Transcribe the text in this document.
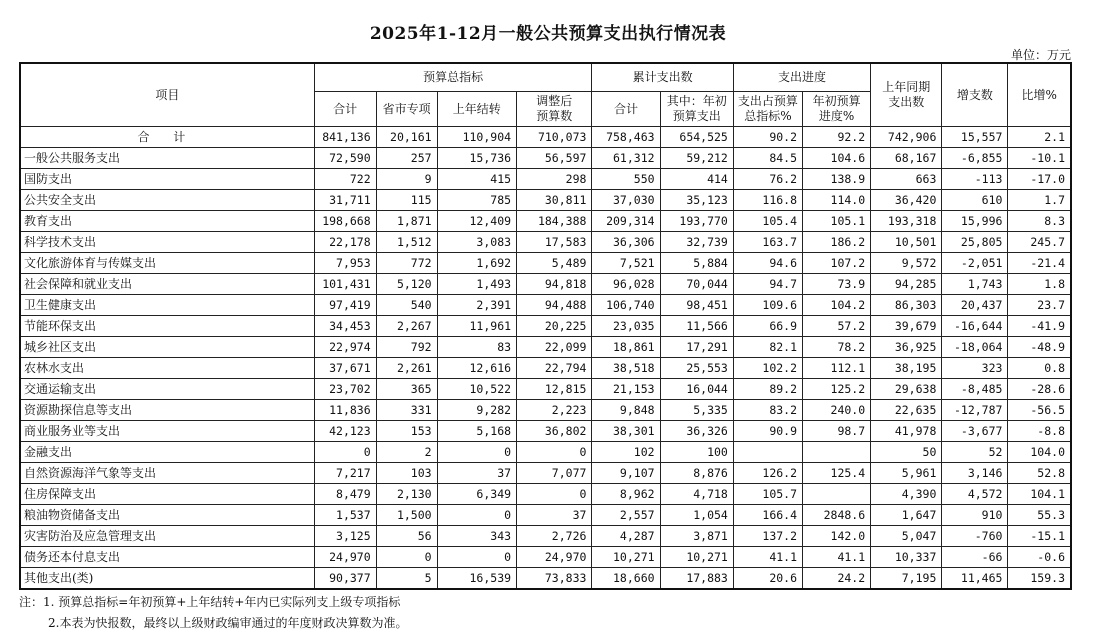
2025年1-12月一般公共预算支出执行情况表
单位：万元
项目	预算总指标				累计支出数		支出进度		上年同期支出数	增支数	比增%
	合计	省市专项	上年结转	调整后预算数	合计	其中：年初预算支出	支出占预算总指标%	年初预算进度%			

合 计	841,136	20,161	110,904	710,073	758,463	654,525	90.2	92.2	742,906	15,557	2.1
一般公共服务支出	72,590	257	15,736	56,597	61,312	59,212	84.5	104.6	68,167	-6,855	-10.1
国防支出	722	9	415	298	550	414	76.2	138.9	663	-113	-17.0
公共安全支出	31,711	115	785	30,811	37,030	35,123	116.8	114.0	36,420	610	1.7
教育支出	198,668	1,871	12,409	184,388	209,314	193,770	105.4	105.1	193,318	15,996	8.3
科学技术支出	22,178	1,512	3,083	17,583	36,306	32,739	163.7	186.2	10,501	25,805	245.7
文化旅游体育与传媒支出	7,953	772	1,692	5,489	7,521	5,884	94.6	107.2	9,572	-2,051	-21.4
社会保障和就业支出	101,431	5,120	1,493	94,818	96,028	70,044	94.7	73.9	94,285	1,743	1.8
卫生健康支出	97,419	540	2,391	94,488	106,740	98,451	109.6	104.2	86,303	20,437	23.7
节能环保支出	34,453	2,267	11,961	20,225	23,035	11,566	66.9	57.2	39,679	-16,644	-41.9
城乡社区支出	22,974	792	83	22,099	18,861	17,291	82.1	78.2	36,925	-18,064	-48.9
农林水支出	37,671	2,261	12,616	22,794	38,518	25,553	102.2	112.1	38,195	323	0.8
交通运输支出	23,702	365	10,522	12,815	21,153	16,044	89.2	125.2	29,638	-8,485	-28.6
资源勘探信息等支出	11,836	331	9,282	2,223	9,848	5,335	83.2	240.0	22,635	-12,787	-56.5
商业服务业等支出	42,123	153	5,168	36,802	38,301	36,326	90.9	98.7	41,978	-3,677	-8.8
金融支出	0	2	0	0	102	100			50	52	104.0
自然资源海洋气象等支出	7,217	103	37	7,077	9,107	8,876	126.2	125.4	5,961	3,146	52.8
住房保障支出	8,479	2,130	6,349	0	8,962	4,718	105.7		4,390	4,572	104.1
粮油物资储备支出	1,537	1,500	0	37	2,557	1,054	166.4	2848.6	1,647	910	55.3
灾害防治及应急管理支出	3,125	56	343	2,726	4,287	3,871	137.2	142.0	5,047	-760	-15.1
债务还本付息支出	24,970	0	0	24,970	10,271	10,271	41.1	41.1	10,337	-66	-0.6
其他支出(类)	90,377	5	16,539	73,833	18,660	17,883	20.6	24.2	7,195	11,465	159.3
注：1. 预算总指标=年初预算+上年结转+年内已实际列支上级专项指标
2.本表为快报数，最终以上级财政编审通过的年度财政决算数为准。
